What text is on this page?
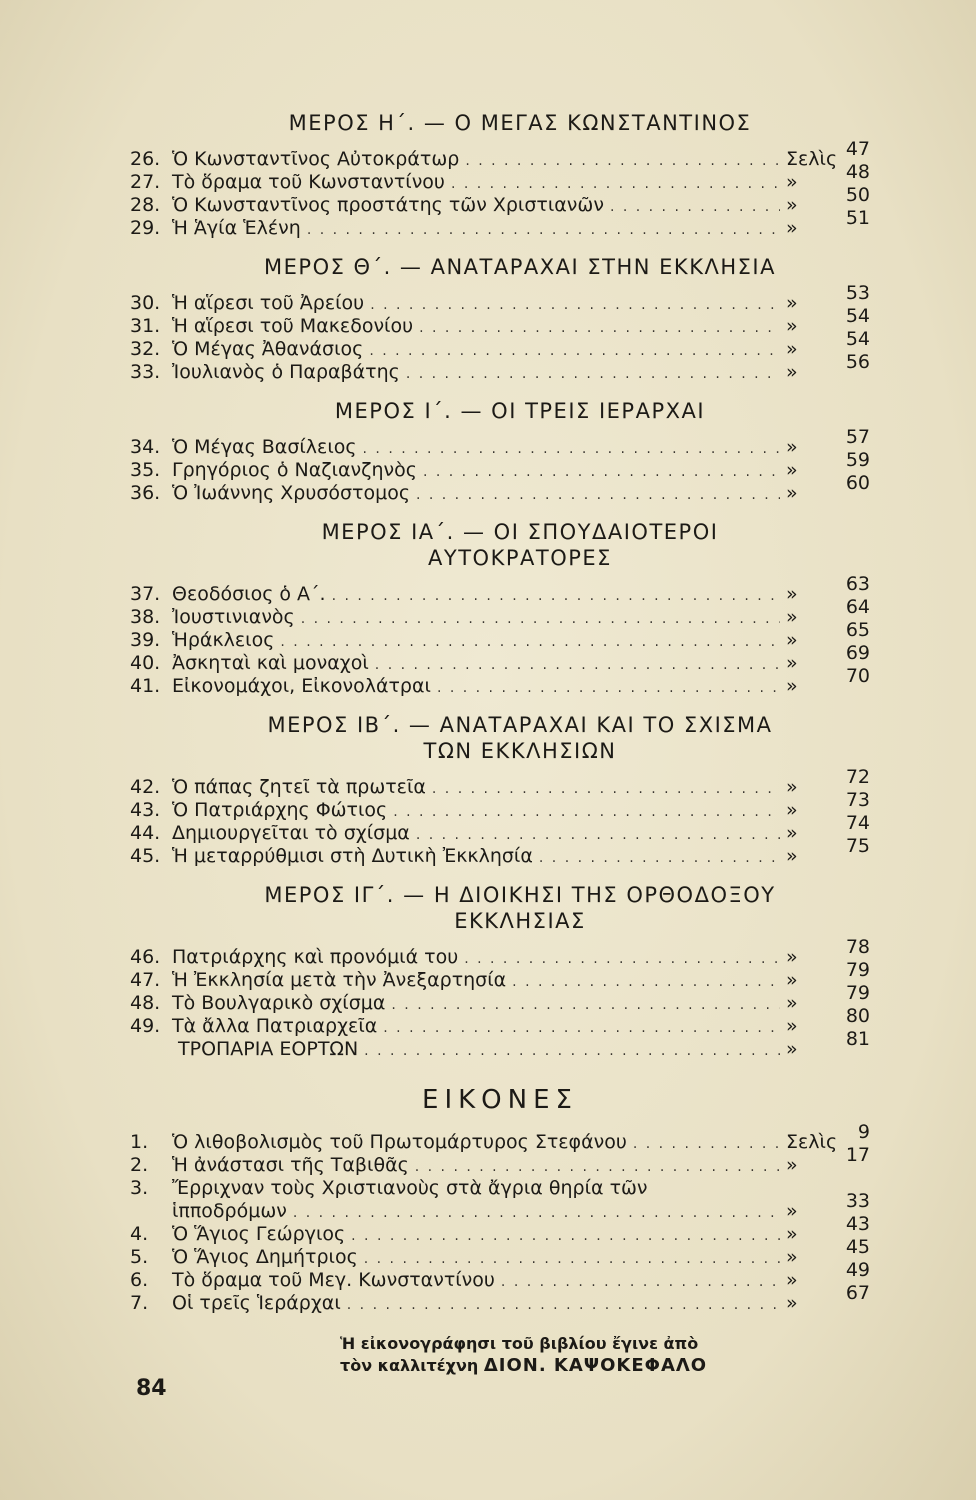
ΜΕΡΟΣ Η΄. — Ο ΜΕΓΑΣ ΚΩΝΣΤΑΝΤΙΝΟΣ
26. Ὁ Κωνσταντῖνος Αὐτοκράτωρ . . .	Σελὶς 47
27. Τὸ ὅραμα τοῦ Κωνσταντίνου . . .	»	48
28. Ὁ Κωνσταντῖνος προστάτης τῶν Χριστιανῶν . . .	»	50
29. Ἡ Ἁγία Ἑλένη . . .	»	51
ΜΕΡΟΣ Θ΄. — ΑΝΑΤΑΡΑΧΑΙ ΣΤΗΝ ΕΚΚΛΗΣΙΑ
30. Ἡ αἵρεσι τοῦ Ἀρείου . . .	»	53
31. Ἡ αἵρεσι τοῦ Μακεδονίου . . .	»	54
32. Ὁ Μέγας Ἀθανάσιος . . .	»	54
33. Ἰουλιανὸς ὁ Παραβάτης . . .	»	56
ΜΕΡΟΣ Ι΄. — ΟΙ ΤΡΕΙΣ ΙΕΡΑΡΧΑΙ
34. Ὁ Μέγας Βασίλειος . . .	»	57
35. Γρηγόριος ὁ Ναζιανζηνὸς . . .	»	59
36. Ὁ Ἰωάννης Χρυσόστομος . . .	»	60
ΜΕΡΟΣ ΙΑ΄. — ΟΙ ΣΠΟΥΔΑΙΟΤΕΡΟΙ
ΑΥΤΟΚΡΑΤΟΡΕΣ
37. Θεοδόσιος ὁ Α΄. . . .	»	63
38. Ἰουστινιανὸς . . .	»	64
39. Ἡράκλειος . . .	»	65
40. Ἀσκηταὶ καὶ μοναχοὶ . . .	»	69
41. Εἰκονομάχοι, Εἰκονολάτραι . . .	»	70
ΜΕΡΟΣ ΙΒ΄. — ΑΝΑΤΑΡΑΧΑΙ ΚΑΙ ΤΟ ΣΧΙΣΜΑ
ΤΩΝ ΕΚΚΛΗΣΙΩΝ
42. Ὁ πάπας ζητεῖ τὰ πρωτεῖα . . .	»	72
43. Ὁ Πατριάρχης Φώτιος . . .	»	73
44. Δημιουργεῖται τὸ σχίσμα . . .	»	74
45. Ἡ μεταρρύθμισι στὴ Δυτικὴ Ἐκκλησία . . .	»	75
ΜΕΡΟΣ ΙΓ΄. — Η ΔΙΟΙΚΗΣΙ ΤΗΣ ΟΡΘΟΔΟΞΟΥ
ΕΚΚΛΗΣΙΑΣ
46. Πατριάρχης καὶ προνόμιά του . . .	»	78
47. Ἡ Ἐκκλησία μετὰ τὴν Ἀνεξαρτησία . . .	»	79
48. Τὸ Βουλγαρικὸ σχίσμα . . .	»	79
49. Τὰ ἄλλα Πατριαρχεῖα . . .	»	80
ΤΡΟΠΑΡΙΑ ΕΟΡΤΩΝ . . .	»	81
ΕΙΚΟΝΕΣ
1.	Ὁ λιθοβολισμὸς τοῦ Πρωτομάρτυρος Στεφάνου . . .	Σελὶς	9
2.	Ἡ ἀνάστασι τῆς Ταβιθᾶς . . .	»	17
3.	Ἔρριχναν τοὺς Χριστιανοὺς στὰ ἄγρια θηρία τῶν
ἱπποδρόμων . . .	»	33
4.	Ὁ Ἅγιος Γεώργιος . . .	»	43
5.	Ὁ Ἅγιος Δημήτριος . . .	»	45
6.	Τὸ ὅραμα τοῦ Μεγ. Κωνσταντίνου . . .	»	49
7.	Οἱ τρεῖς Ἱεράρχαι . . .	»	67
Ἡ εἰκονογράφησι τοῦ βιβλίου ἔγινε ἀπὸ
τὸν καλλιτέχνη ΔΙΟΝ. ΚΑΨΟΚΕΦΑΛΟ
84
